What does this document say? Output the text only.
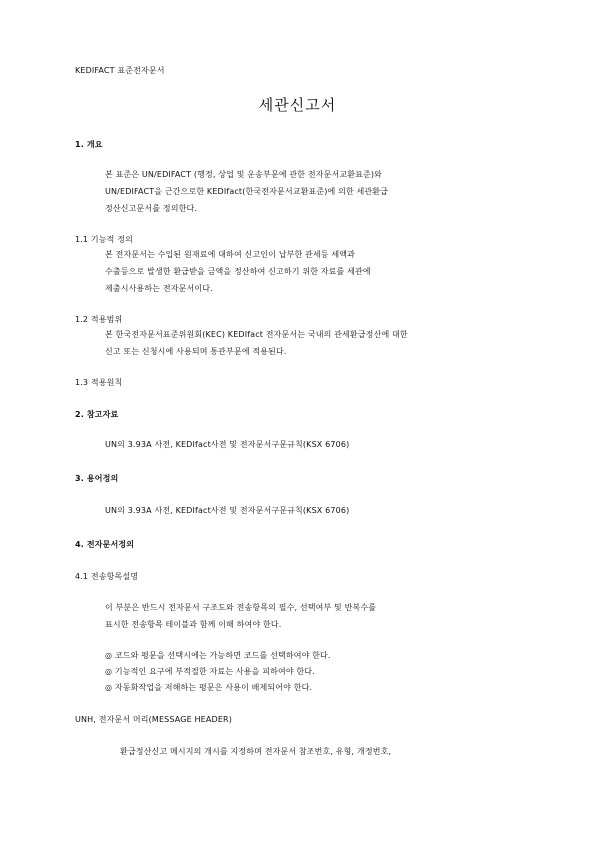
KEDIFACT 표준전자문서
세관신고서
1. 개요
본 표준은 UN/EDIFACT (행정, 상업 및 운송부문에 관한 전자문서교환표준)와
UN/EDIFACT을 근간으로한 KEDIfact(한국전자문서교환표준)에 의한 세관환급
정산신고문서를 정의한다.
1.1 기능적 정의
본 전자문서는 수입된 원재료에 대하여 신고인이 납부한 관세등 세액과
수출등으로 발생한 환급받을 금액을 정산하여 신고하기 위한 자료를 세관에
제출시사용하는 전자문서이다.
1.2 적용범위
본 한국전자문서표준위원회(KEC) KEDIfact 전자문서는 국내의 관세환급정산에 대한
신고 또는 신청시에 사용되며 통관부문에 적용된다.
1.3 적용원칙
2. 참고자료
UN의 3.93A 사전, KEDIfact사전 및 전자문서구문규칙(KSX 6706)
3. 용어정의
UN의 3.93A 사전, KEDIfact사전 및 전자문서구문규칙(KSX 6706)
4. 전자문서정의
4.1 전송항목설명
이 부분은 반드시 전자문서 구조도와 전송항목의 필수, 선택여부 및 반복수를
표시한 전송항목 테이블과 함께 이해 하여야 한다.
◎ 코드와 평문을 선택시에는 가능하면 코드를 선택하여야 한다.
◎ 기능적인 요구에 부적절한 자료는 사용을 피하여야 한다.
◎ 자동화작업을 저해하는 평문은 사용이 배제되어야 한다.
UNH, 전자문서 머리(MESSAGE HEADER)
환급정산신고 메시지의 개시를 지정하며 전자문서 참조번호, 유형, 개정번호,
